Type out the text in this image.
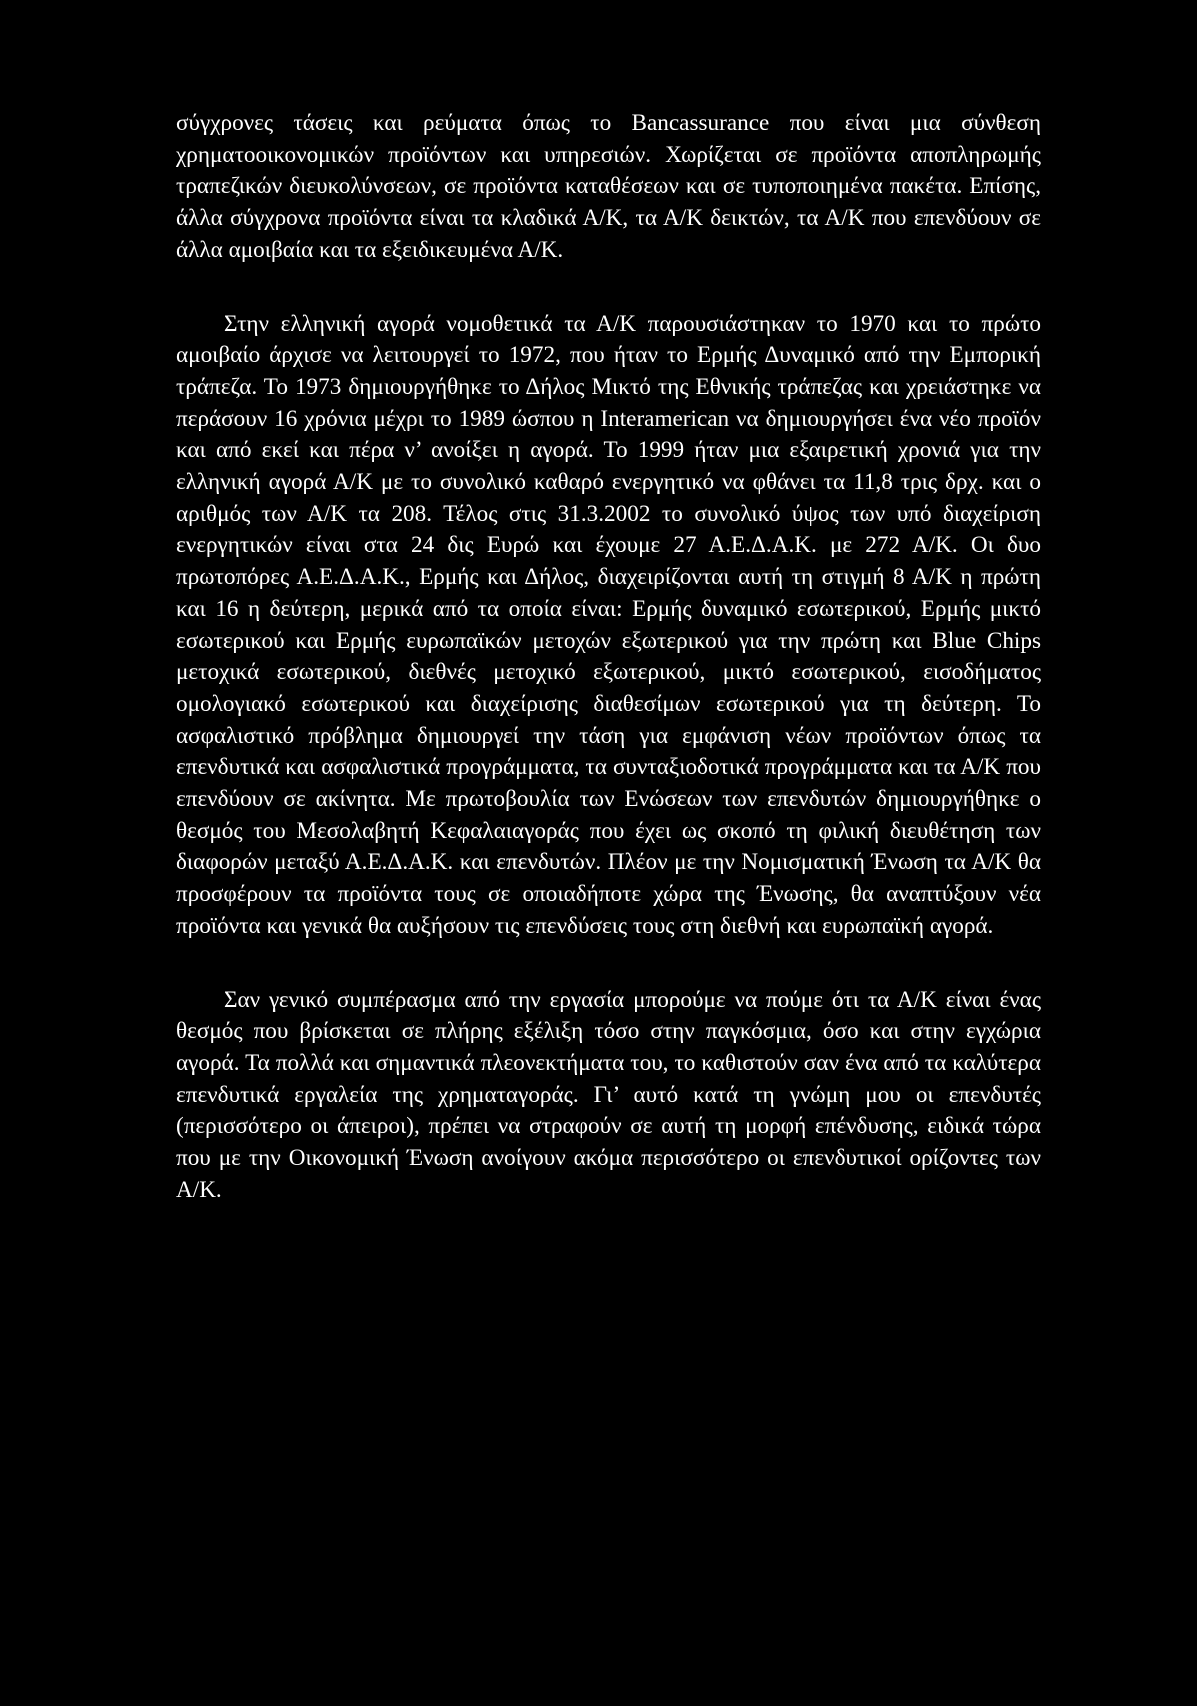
σύγχρονες τάσεις και ρεύματα όπως το Bancassurance που είναι μια σύνθεση χρηματοοικονομικών προϊόντων και υπηρεσιών. Χωρίζεται σε προϊόντα αποπληρωμής τραπεζικών διευκολύνσεων, σε προϊόντα καταθέσεων και σε τυποποιημένα πακέτα. Επίσης, άλλα σύγχρονα προϊόντα είναι τα κλαδικά Α/Κ, τα Α/Κ δεικτών, τα Α/Κ που επενδύουν σε άλλα αμοιβαία και τα εξειδικευμένα Α/Κ.

Στην ελληνική αγορά νομοθετικά τα Α/Κ παρουσιάστηκαν το 1970 και το πρώτο αμοιβαίο άρχισε να λειτουργεί το 1972, που ήταν το Ερμής Δυναμικό από την Εμπορική τράπεζα. Το 1973 δημιουργήθηκε το Δήλος Μικτό της Εθνικής τράπεζας και χρειάστηκε να περάσουν 16 χρόνια μέχρι το 1989 ώσπου η Interamerican να δημιουργήσει ένα νέο προϊόν και από εκεί και πέρα ν’ ανοίξει η αγορά. Το 1999 ήταν μια εξαιρετική χρονιά για την ελληνική αγορά Α/Κ με το συνολικό καθαρό ενεργητικό να φθάνει τα 11,8 τρις δρχ. και ο αριθμός των Α/Κ τα 208. Τέλος στις 31.3.2002 το συνολικό ύψος των υπό διαχείριση ενεργητικών είναι στα 24 δις Ευρώ και έχουμε 27 Α.Ε.Δ.Α.Κ. με 272 Α/Κ. Οι δυο πρωτοπόρες Α.Ε.Δ.Α.Κ., Ερμής και Δήλος, διαχειρίζονται αυτή τη στιγμή 8 Α/Κ η πρώτη και 16 η δεύτερη, μερικά από τα οποία είναι: Ερμής δυναμικό εσωτερικού, Ερμής μικτό εσωτερικού και Ερμής ευρωπαϊκών μετοχών εξωτερικού για την πρώτη και Blue Chips μετοχικά εσωτερικού, διεθνές μετοχικό εξωτερικού, μικτό εσωτερικού, εισοδήματος ομολογιακό εσωτερικού και διαχείρισης διαθεσίμων εσωτερικού για τη δεύτερη. Το ασφαλιστικό πρόβλημα δημιουργεί την τάση για εμφάνιση νέων προϊόντων όπως τα επενδυτικά και ασφαλιστικά προγράμματα, τα συνταξιοδοτικά προγράμματα και τα Α/Κ που επενδύουν σε ακίνητα. Με πρωτοβουλία των Ενώσεων των επενδυτών δημιουργήθηκε ο θεσμός του Μεσολαβητή Κεφαλαιαγοράς που έχει ως σκοπό τη φιλική διευθέτηση των διαφορών μεταξύ Α.Ε.Δ.Α.Κ. και επενδυτών. Πλέον με την Νομισματική Ένωση τα Α/Κ θα προσφέρουν τα προϊόντα τους σε οποιαδήποτε χώρα της Ένωσης, θα αναπτύξουν νέα προϊόντα και γενικά θα αυξήσουν τις επενδύσεις τους στη διεθνή και ευρωπαϊκή αγορά.

Σαν γενικό συμπέρασμα από την εργασία μπορούμε να πούμε ότι τα Α/Κ είναι ένας θεσμός που βρίσκεται σε πλήρης εξέλιξη τόσο στην παγκόσμια, όσο και στην εγχώρια αγορά. Τα πολλά και σημαντικά πλεονεκτήματα του, το καθιστούν σαν ένα από τα καλύτερα επενδυτικά εργαλεία της χρηματαγοράς. Γι’ αυτό κατά τη γνώμη μου οι επενδυτές (περισσότερο οι άπειροι), πρέπει να στραφούν σε αυτή τη μορφή επένδυσης, ειδικά τώρα που με την Οικονομική Ένωση ανοίγουν ακόμα περισσότερο οι επενδυτικοί ορίζοντες των Α/Κ.
